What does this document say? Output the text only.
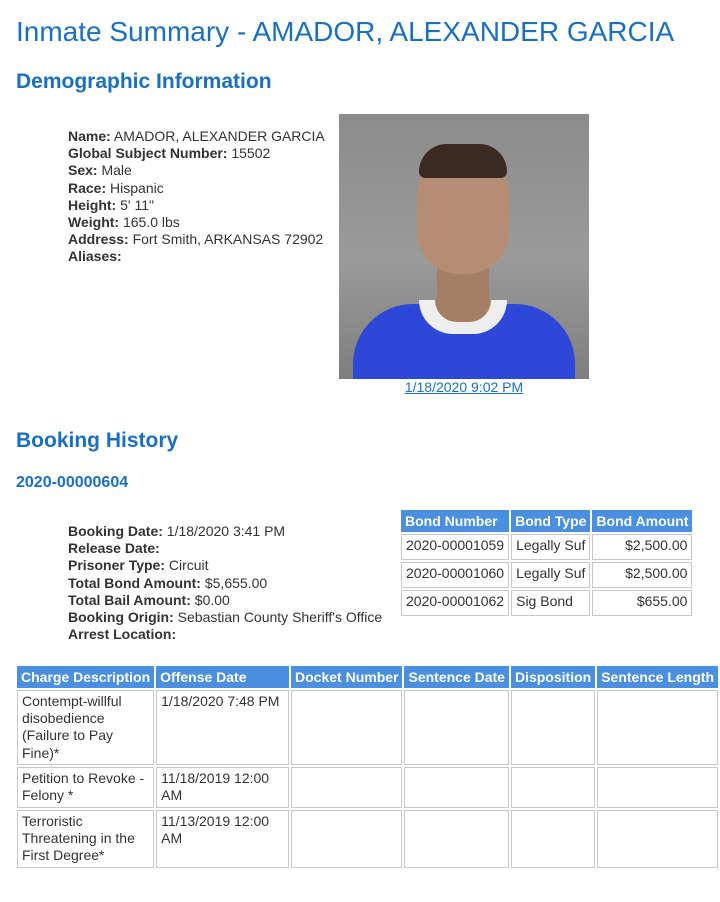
Inmate Summary - AMADOR, ALEXANDER GARCIA
Demographic Information
Name: AMADOR, ALEXANDER GARCIA
Global Subject Number: 15502
Sex: Male
Race: Hispanic
Height: 5' 11"
Weight: 165.0 lbs
Address: Fort Smith, ARKANSAS 72902
Aliases:
1/18/2020 9:02 PM
Booking History
2020-00000604
Booking Date: 1/18/2020 3:41 PM
Release Date:
Prisoner Type: Circuit
Total Bond Amount: $5,655.00
Total Bail Amount: $0.00
Booking Origin: Sebastian County Sheriff's Office
Arrest Location:
Bond Number	Bond Type	Bond Amount
2020-00001059	Legally Suf	$2,500.00
2020-00001060	Legally Suf	$2,500.00
2020-00001062	Sig Bond	$655.00
Charge Description	Offense Date	Docket Number	Sentence Date	Disposition	Sentence Length
Contempt-willful disobedience (Failure to Pay Fine)*	1/18/2020 7:48 PM				
Petition to Revoke - Felony *	11/18/2019 12:00 AM				
Terroristic Threatening in the First Degree*	11/13/2019 12:00 AM				
